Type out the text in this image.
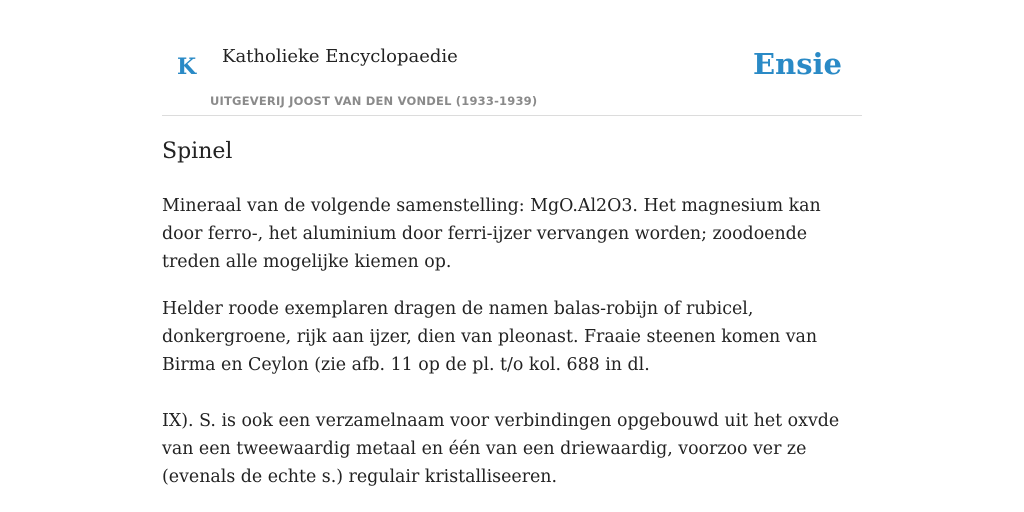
K Katholieke Encyclopaedie
UITGEVERIJ JOOST VAN DEN VONDEL (1933-1939)
Ensie
Spinel

Mineraal van de volgende samenstelling: MgO.Al2O3. Het magnesium kan door ferro-, het aluminium door ferri-ijzer vervangen worden; zoodoende treden alle mogelijke kiemen op.

Helder roode exemplaren dragen de namen balas-robijn of rubicel, donkergroene, rijk aan ijzer, dien van pleonast. Fraaie steenen komen van Birma en Ceylon (zie afb. 11 op de pl. t/o kol. 688 in dl.

IX). S. is ook een verzamelnaam voor verbindingen opgebouwd uit het oxvde van een tweewaardig metaal en één van een driewaardig, voorzoo ver ze (evenals de echte s.) regulair kristalliseeren.
